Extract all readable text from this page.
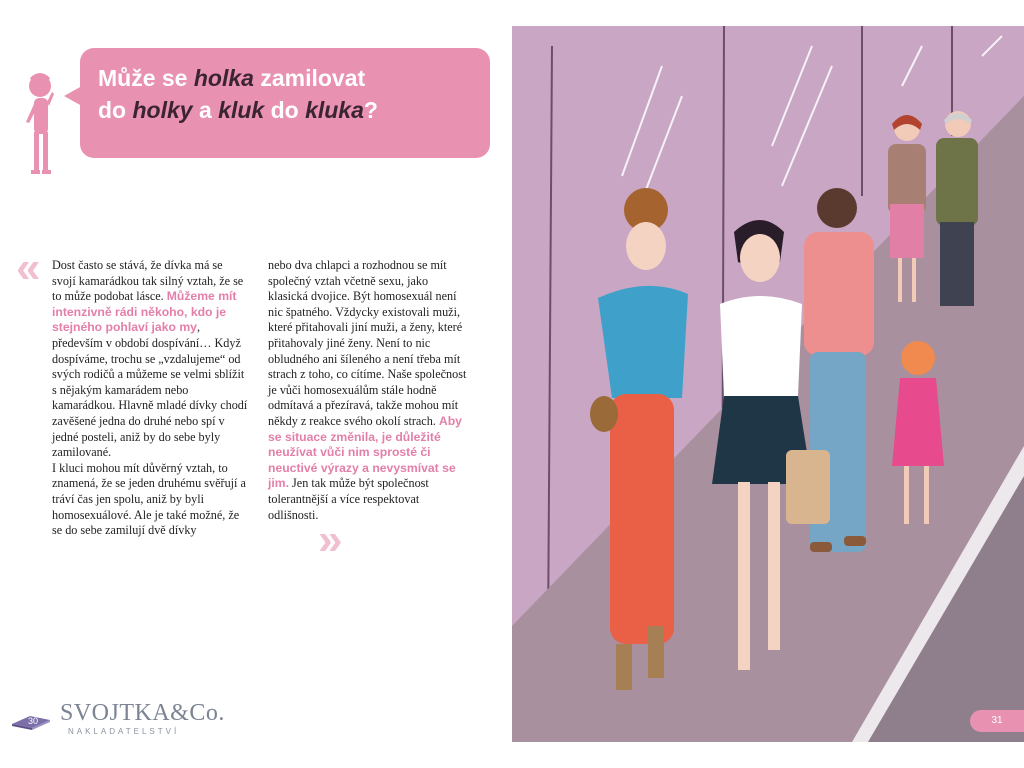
Může se holka zamilovat
do holky a kluk do kluka?
« Dost často se stává, že dívka má se svojí kamarádkou tak silný vztah, že se to může podobat lásce. Můžeme mít intenzivně rádi někoho, kdo je stejného pohlaví jako my, především v období dospívání… Když dospíváme, trochu se „vzdalujeme“ od svých rodičů a můžeme se velmi sblížit s nějakým kamarádem nebo kamarádkou. Hlavně mladé dívky chodí zavěšené jedna do druhé nebo spí v jedné posteli, aniž by do sebe byly zamilované.

I kluci mohou mít důvěrný vztah, to znamená, že se jeden druhému svěřují a tráví čas jen spolu, aniž by byli homosexuálové. Ale je také možné, že se do sebe zamilují dvě dívky

nebo dva chlapci a rozhodnou se mít společný vztah včetně sexu, jako klasická dvojice. Být homosexuál není nic špatného. Vždycky existovali muži, které přitahovali jiní muži, a ženy, které přitahovaly jiné ženy. Není to nic obludného ani šíleného a není třeba mít strach z toho, co cítíme. Naše společnost je vůči homosexuálům stále hodně odmítavá a přezíravá, takže mohou mít někdy z reakce svého okolí strach. Aby se situace změnila, je důležité neužívat vůči nim sprosté či neuctivé výrazy a nevysmívat se jim. Jen tak může být společnost tolerantnější a více respektovat odlišnosti.

»
SVOJTKA&Co.
NAKLADATELSTVÍ
30	31
